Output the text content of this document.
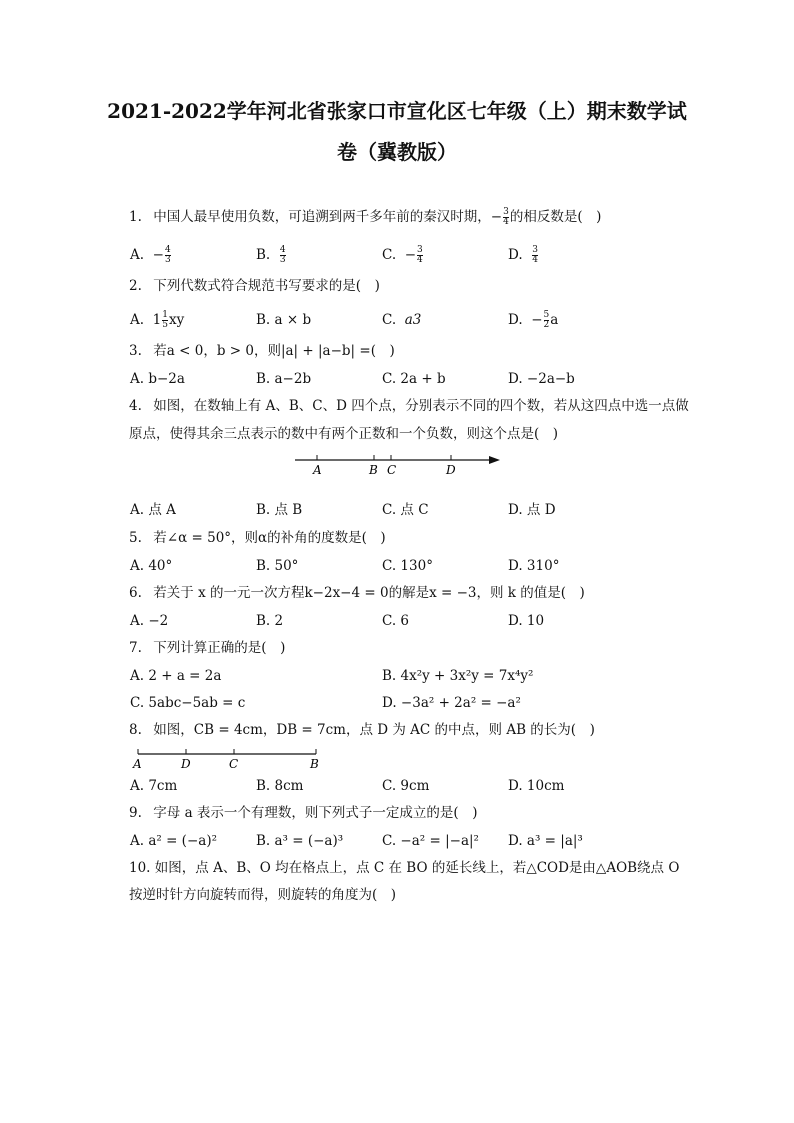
2021-2022学年河北省张家口市宣化区七年级（上）期末数学试
卷（冀教版）
1. 中国人最早使用负数，可追溯到两千多年前的秦汉时期，− $\frac{3}{4}$ 的相反数是(　)
A. − $\frac{4}{3}$	B. $\frac{4}{3}$	C. − $\frac{3}{4}$	D. $\frac{3}{4}$
2. 下列代数式符合规范书写要求的是(　)
A. $1 \frac{1}{5}$ xy	B. a × b	C. a3	D. − $\frac{5}{2}$ a
3. 若a < 0，b > 0，则|a| + |a−b| =(　)
A. b−2a	B. a−2b	C. 2a + b	D. −2a−b
4. 如图，在数轴上有 A、B、C、D 四个点，分别表示不同的四个数，若从这四点中选一点做
原点，使得其余三点表示的数中有两个正数和一个负数，则这个点是(　)
A	B C	D
A. 点 A	B. 点 B	C. 点 C	D. 点 D
5. 若∠α = 50°，则α的补角的度数是(　)
A. 40°	B. 50°	C. 130°	D. 310°
6. 若关于 x 的一元一次方程k−2x−4 = 0的解是x = −3，则 k 的值是(　)
A. −2	B. 2	C. 6	D. 10
7. 下列计算正确的是(　)
A. 2 + a = 2a	B. 4x²y + 3x²y = 7x⁴y²
C. 5abc−5ab = c	D. −3a² + 2a² = −a²
8. 如图，CB = 4cm，DB = 7cm，点 D 为 AC 的中点，则 AB 的长为(　)
A	D	C	B
A. 7cm	B. 8cm	C. 9cm	D. 10cm
9. 字母 a 表示一个有理数，则下列式子一定成立的是(　)
A. a² = (−a)²	B. a³ = (−a)³	C. −a² = |−a|² D. a³ = |a|³
10. 如图，点 A、B、O 均在格点上，点 C 在 BO 的延长线上，若△COD是由△AOB绕点 O
按逆时针方向旋转而得，则旋转的角度为(　)
